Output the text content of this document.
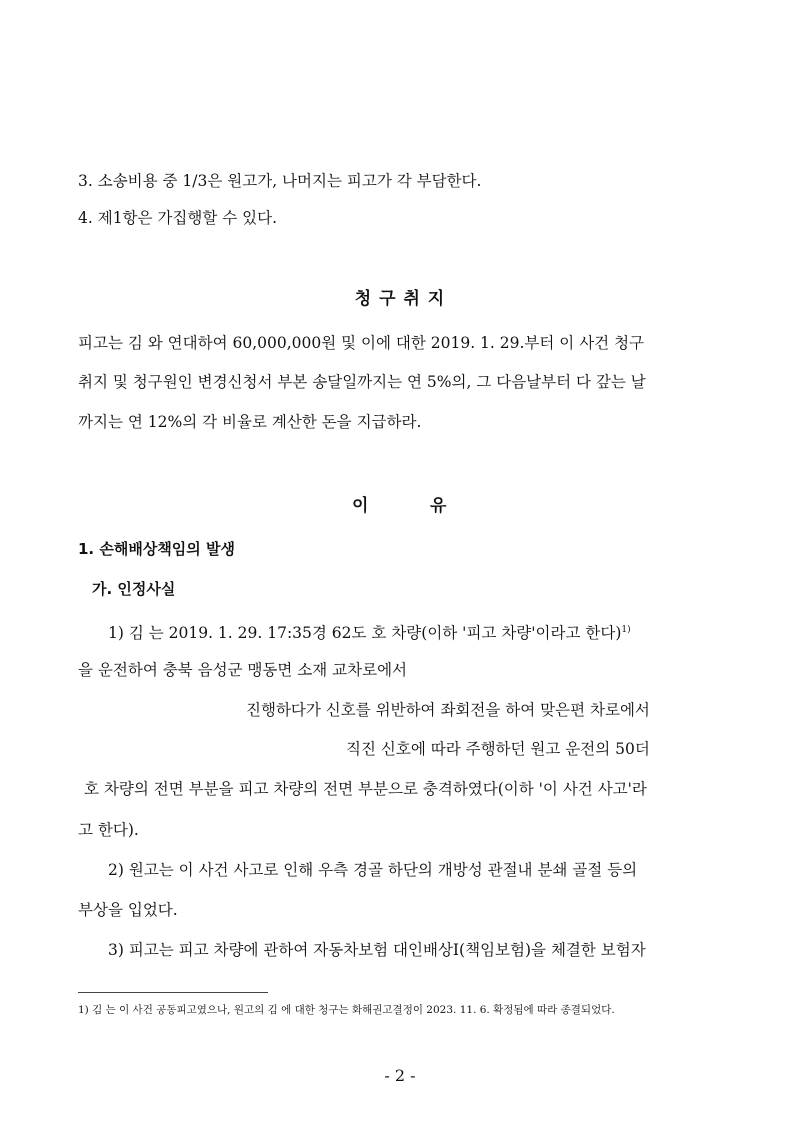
3. 소송비용 중 1/3은 원고가, 나머지는 피고가 각 부담한다.
4. 제1항은 가집행할 수 있다.
청 구 취 지
피고는 김 와 연대하여 60,000,000원 및 이에 대한 2019. 1. 29.부터 이 사건 청구
취지 및 청구원인 변경신청서 부본 송달일까지는 연 5%의, 그 다음날부터 다 갚는 날
까지는 연 12%의 각 비율로 계산한 돈을 지급하라.
이	유
1. 손해배상책임의 발생
가. 인정사실
1) 김 는 2019. 1. 29. 17:35경 62도 호 차량(이하 '피고 차량'이라고 한다)$^{1)}$
을 운전하여 충북 음성군 맹동면 소재 교차로에서
진행하다가 신호를 위반하여 좌회전을 하여 맞은편 차로에서
직진 신호에 따라 주행하던 원고 운전의 50더
호 차량의 전면 부분을 피고 차량의 전면 부분으로 충격하였다(이하 '이 사건 사고'라
고 한다).
2) 원고는 이 사건 사고로 인해 우측 경골 하단의 개방성 관절내 분쇄 골절 등의
부상을 입었다.
3) 피고는 피고 차량에 관하여 자동차보험 대인배상Ⅰ(책임보험)을 체결한 보험자
1) 김 는 이 사건 공동피고였으나, 원고의 김 에 대한 청구는 화해권고결정이 2023. 11. 6. 확정됨에 따라 종결되었다.
- 2 -
